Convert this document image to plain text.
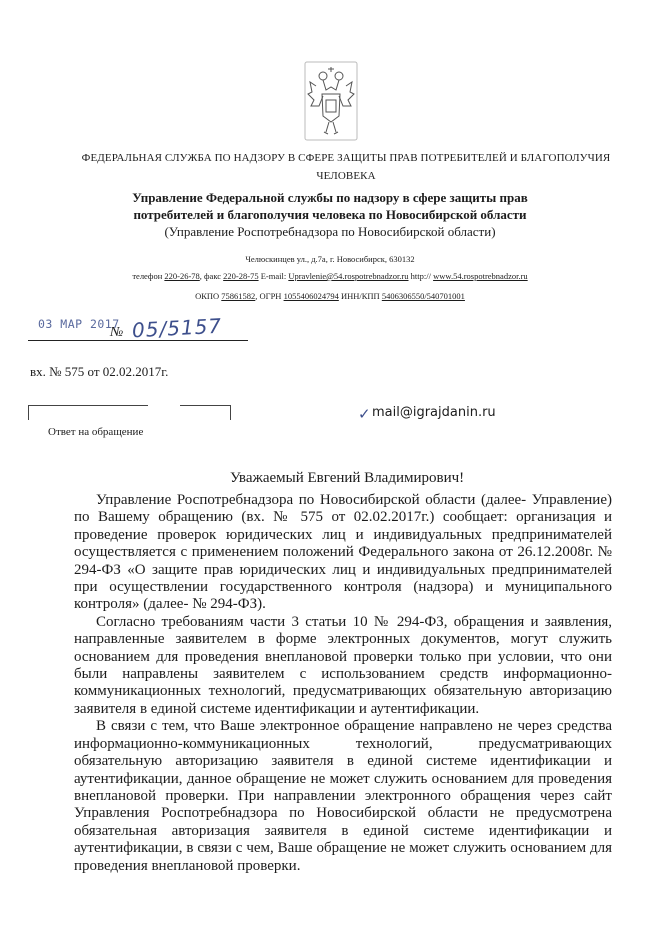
ФЕДЕРАЛЬНАЯ СЛУЖБА ПО НАДЗОРУ В СФЕРЕ ЗАЩИТЫ ПРАВ ПОТРЕБИТЕЛЕЙ И БЛАГОПОЛУЧИЯ
ЧЕЛОВЕКА
Управление Федеральной службы по надзору в сфере защиты прав
потребителей и благополучия человека по Новосибирской области
(Управление Роспотребнадзора по Новосибирской области)
Челюскинцев ул., д.7а, г. Новосибирск, 630132
телефон 220-26-78, факс 220-28-75 E-mail: Upravlenie@54.rospotrebnadzor.ru http:// www.54.rospotrebnadzor.ru
ОКПО 75861582, ОГРН 1055406024794 ИНН/КПП 5406306550/540701001
03 МАР 2017
№ 05/5157
вх. № 575 от 02.02.2017г.
Ответ на обращение
✓ mail@igrajdanin.ru
Уважаемый Евгений Владимирович!

Управление Роспотребнадзора по Новосибирской области (далее- Управление) по Вашему обращению (вх. № 575 от 02.02.2017г.) сообщает: организация и проведение проверок юридических лиц и индивидуальных предпринимателей осуществляется с применением положений Федерального закона от 26.12.2008г. № 294-ФЗ «О защите прав юридических лиц и индивидуальных предпринимателей при осуществлении государственного контроля (надзора) и муниципального контроля» (далее- № 294-ФЗ).

Согласно требованиям части 3 статьи 10 № 294-ФЗ, обращения и заявления, направленные заявителем в форме электронных документов, могут служить основанием для проведения внеплановой проверки только при условии, что они были направлены заявителем с использованием средств информационно-коммуникационных технологий, предусматривающих обязательную авторизацию заявителя в единой системе идентификации и аутентификации.

В связи с тем, что Ваше электронное обращение направлено не через средства информационно-коммуникационных технологий, предусматривающих обязательную авторизацию заявителя в единой системе идентификации и аутентификации, данное обращение не может служить основанием для проведения внеплановой проверки. При направлении электронного обращения через сайт Управления Роспотребнадзора по Новосибирской области не предусмотрена обязательная авторизация заявителя в единой системе идентификации и аутентификации, в связи с чем, Ваше обращение не может служить основанием для проведения внеплановой проверки.
